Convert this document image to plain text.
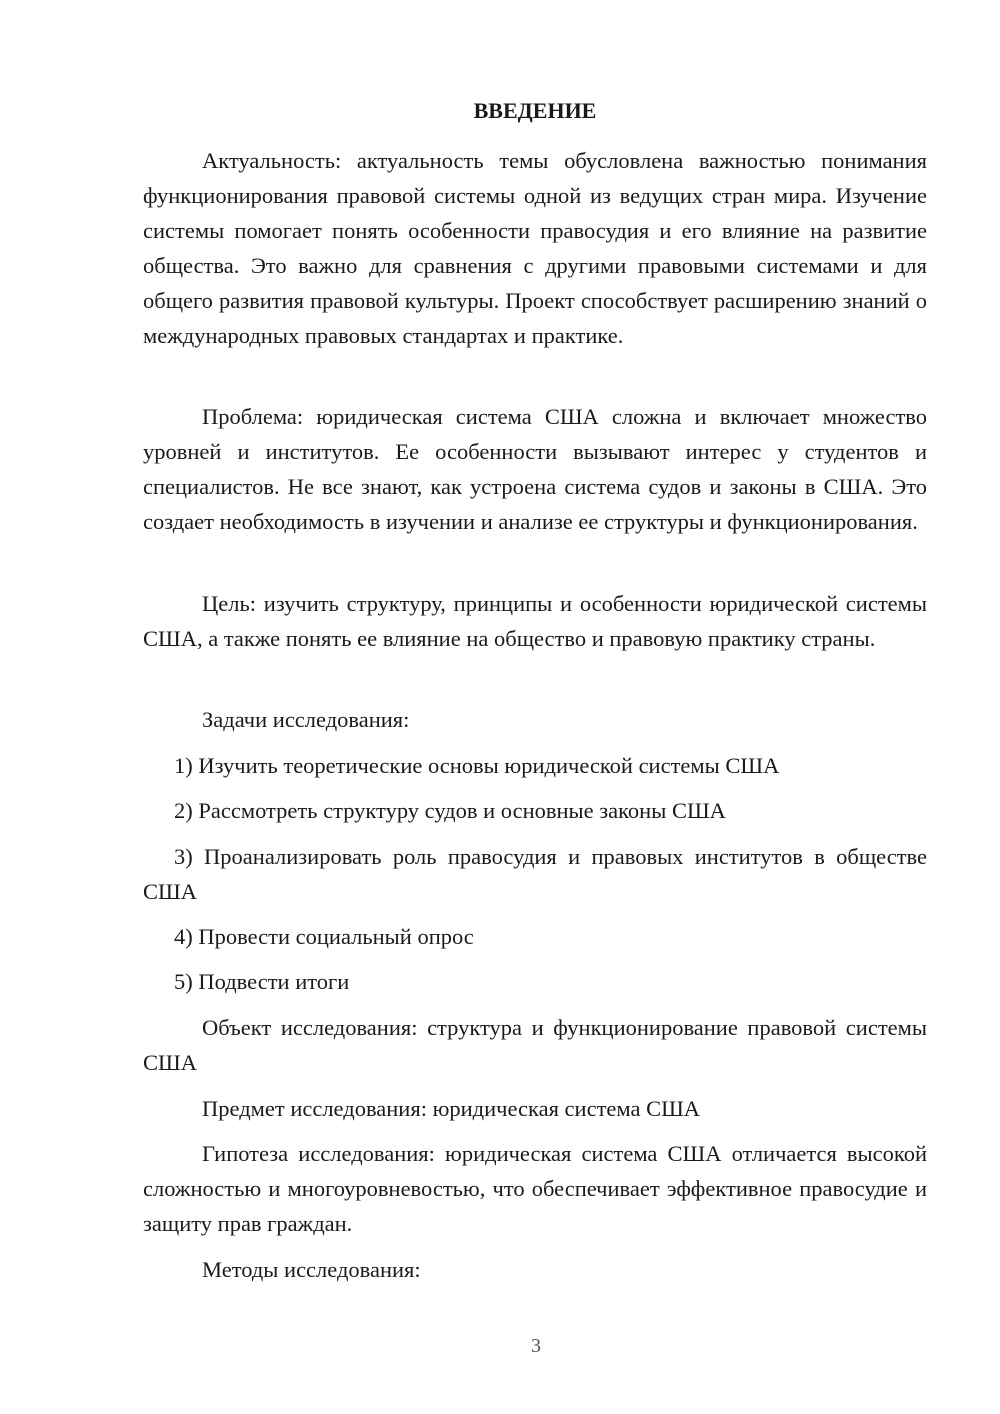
ВВЕДЕНИЕ

Актуальность: актуальность темы обусловлена важностью понимания функционирования правовой системы одной из ведущих стран мира. Изучение системы помогает понять особенности правосудия и его влияние на развитие общества. Это важно для сравнения с другими правовыми системами и для общего развития правовой культуры. Проект способствует расширению знаний о международных правовых стандартах и практике.

Проблема: юридическая система США сложна и включает множество уровней и институтов. Ее особенности вызывают интерес у студентов и специалистов. Не все знают, как устроена система судов и законы в США. Это создает необходимость в изучении и анализе ее структуры и функционирования.

Цель: изучить структуру, принципы и особенности юридической системы США, а также понять ее влияние на общество и правовую практику страны.

Задачи исследования:

1) Изучить теоретические основы юридической системы США

2) Рассмотреть структуру судов и основные законы США

3) Проанализировать роль правосудия и правовых институтов в обществе США

4) Провести социальный опрос

5) Подвести итоги

Объект исследования: структура и функционирование правовой системы США

Предмет исследования: юридическая система США

Гипотеза исследования: юридическая система США отличается высокой сложностью и многоуровневостью, что обеспечивает эффективное правосудие и защиту прав граждан.

Методы исследования:

3
